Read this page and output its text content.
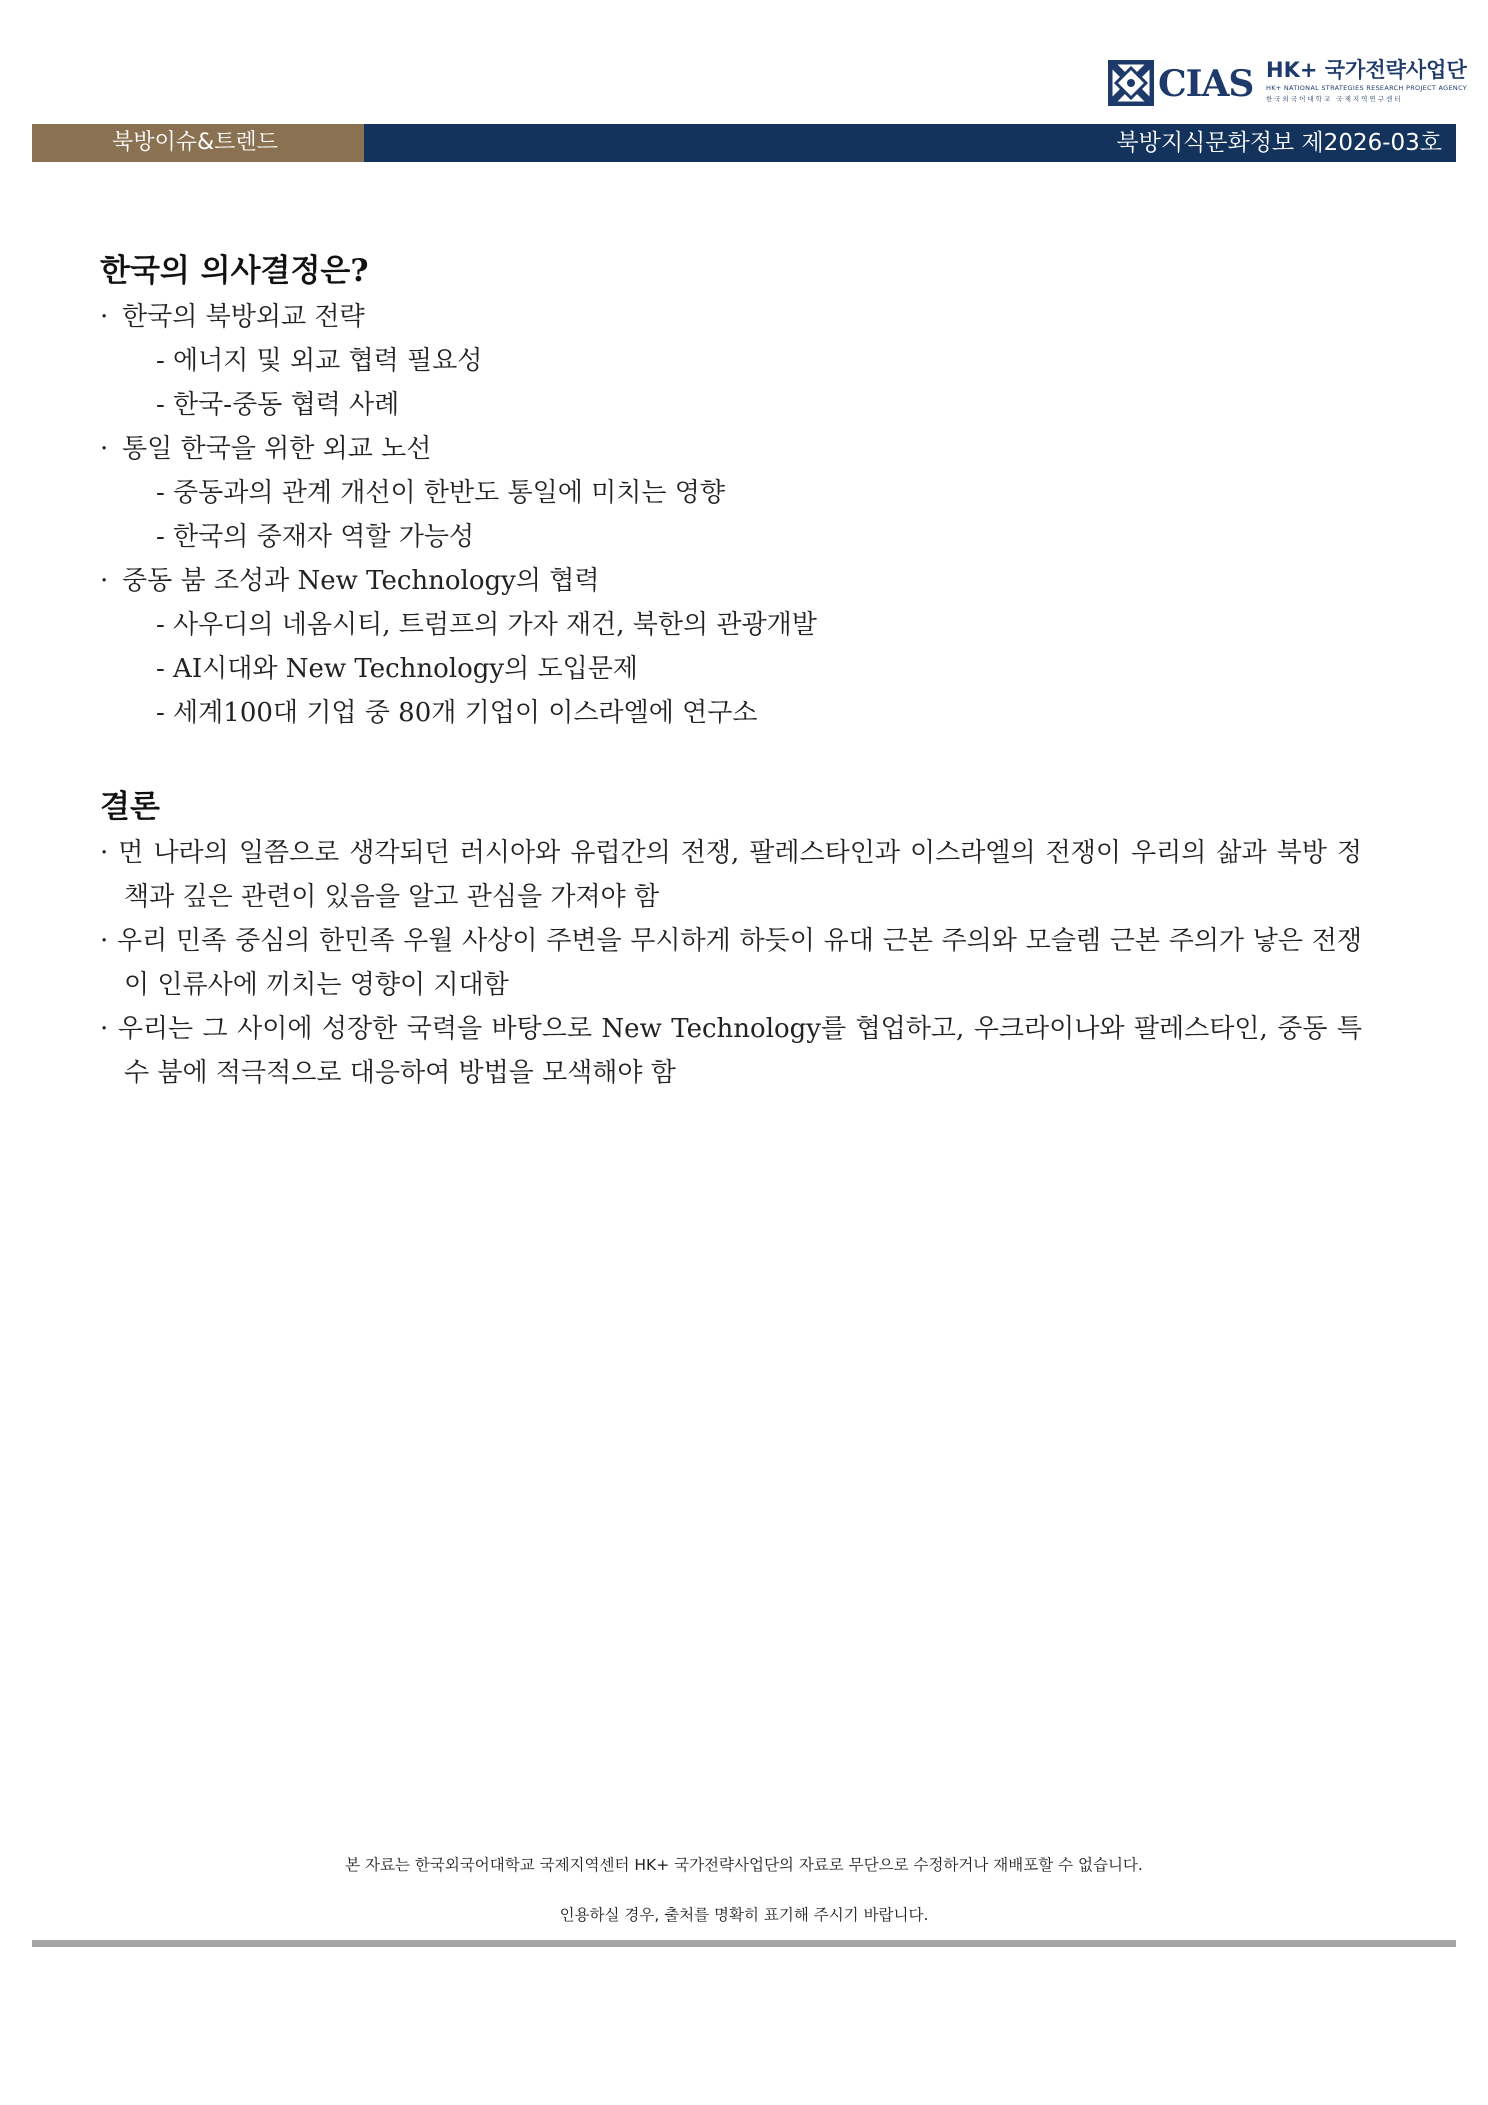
CIAS HK+ 국가전략사업단
HK+ NATIONAL STRATEGIES RESEARCH PROJECT AGENCY
한국외국어대학교 국제지역연구센터
북방이슈&트렌드	북방지식문화정보 제2026-03호
한국의 의사결정은?
· 한국의 북방외교 전략
- 에너지 및 외교 협력 필요성
- 한국-중동 협력 사례
· 통일 한국을 위한 외교 노선
- 중동과의 관계 개선이 한반도 통일에 미치는 영향
- 한국의 중재자 역할 가능성
· 중동 붐 조성과 New Technology의 협력
- 사우디의 네옴시티, 트럼프의 가자 재건, 북한의 관광개발
- AI시대와 New Technology의 도입문제
- 세계100대 기업 중 80개 기업이 이스라엘에 연구소
결론
· 먼 나라의 일쯤으로 생각되던 러시아와 유럽간의 전쟁, 팔레스타인과 이스라엘의 전쟁이 우리의 삶과 북방 정책과 깊은 관련이 있음을 알고 관심을 가져야 함
· 우리 민족 중심의 한민족 우월 사상이 주변을 무시하게 하듯이 유대 근본 주의와 모슬렘 근본 주의가 낳은 전쟁이 인류사에 끼치는 영향이 지대함
· 우리는 그 사이에 성장한 국력을 바탕으로 New Technology를 협업하고, 우크라이나와 팔레스타인, 중동 특수 붐에 적극적으로 대응하여 방법을 모색해야 함
본 자료는 한국외국어대학교 국제지역센터 HK+ 국가전략사업단의 자료로 무단으로 수정하거나 재배포할 수 없습니다.
인용하실 경우, 출처를 명확히 표기해 주시기 바랍니다.
